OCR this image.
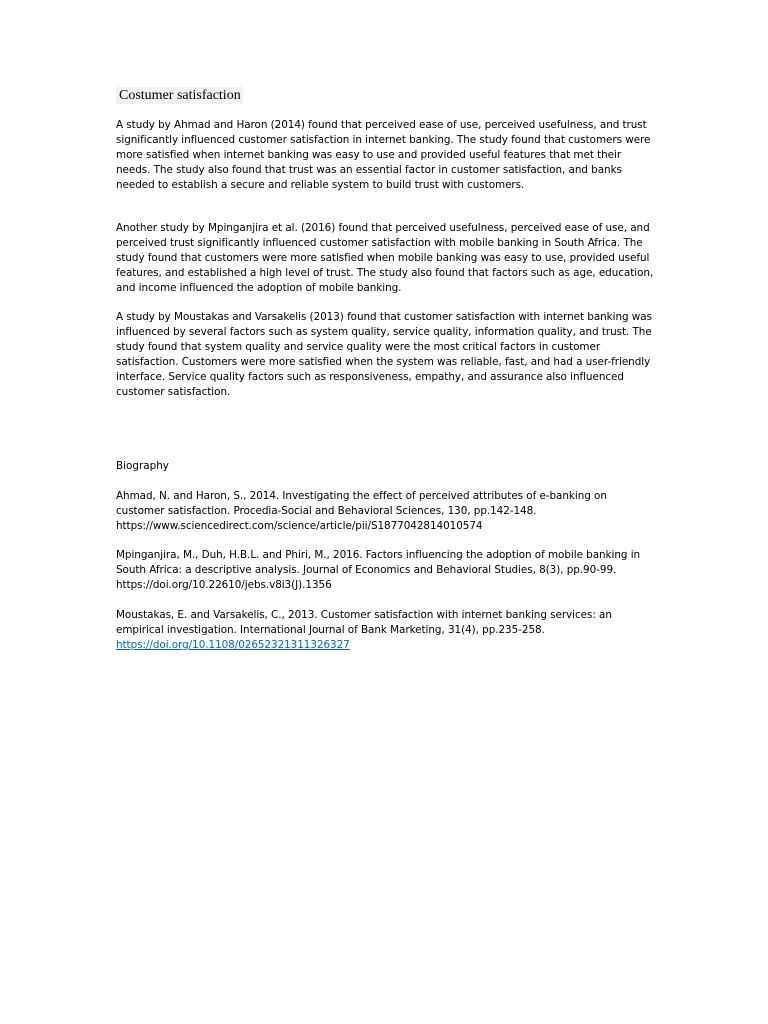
Costumer satisfaction

A study by Ahmad and Haron (2014) found that perceived ease of use, perceived usefulness, and trust significantly influenced customer satisfaction in internet banking. The study found that customers were more satisfied when internet banking was easy to use and provided useful features that met their needs. The study also found that trust was an essential factor in customer satisfaction, and banks needed to establish a secure and reliable system to build trust with customers.

Another study by Mpinganjira et al. (2016) found that perceived usefulness, perceived ease of use, and perceived trust significantly influenced customer satisfaction with mobile banking in South Africa. The study found that customers were more satisfied when mobile banking was easy to use, provided useful features, and established a high level of trust. The study also found that factors such as age, education, and income influenced the adoption of mobile banking.

A study by Moustakas and Varsakelis (2013) found that customer satisfaction with internet banking was influenced by several factors such as system quality, service quality, information quality, and trust. The study found that system quality and service quality were the most critical factors in customer satisfaction. Customers were more satisfied when the system was reliable, fast, and had a user-friendly interface. Service quality factors such as responsiveness, empathy, and assurance also influenced customer satisfaction.

Biography

Ahmad, N. and Haron, S., 2014. Investigating the effect of perceived attributes of e-banking on customer satisfaction. Procedia-Social and Behavioral Sciences, 130, pp.142-148.
https://www.sciencedirect.com/science/article/pii/S1877042814010574

Mpinganjira, M., Duh, H.B.L. and Phiri, M., 2016. Factors influencing the adoption of mobile banking in South Africa: a descriptive analysis. Journal of Economics and Behavioral Studies, 8(3), pp.90-99.
https://doi.org/10.22610/jebs.v8i3(J).1356

Moustakas, E. and Varsakelis, C., 2013. Customer satisfaction with internet banking services: an empirical investigation. International Journal of Bank Marketing, 31(4), pp.235-258.
https://doi.org/10.1108/02652321311326327
